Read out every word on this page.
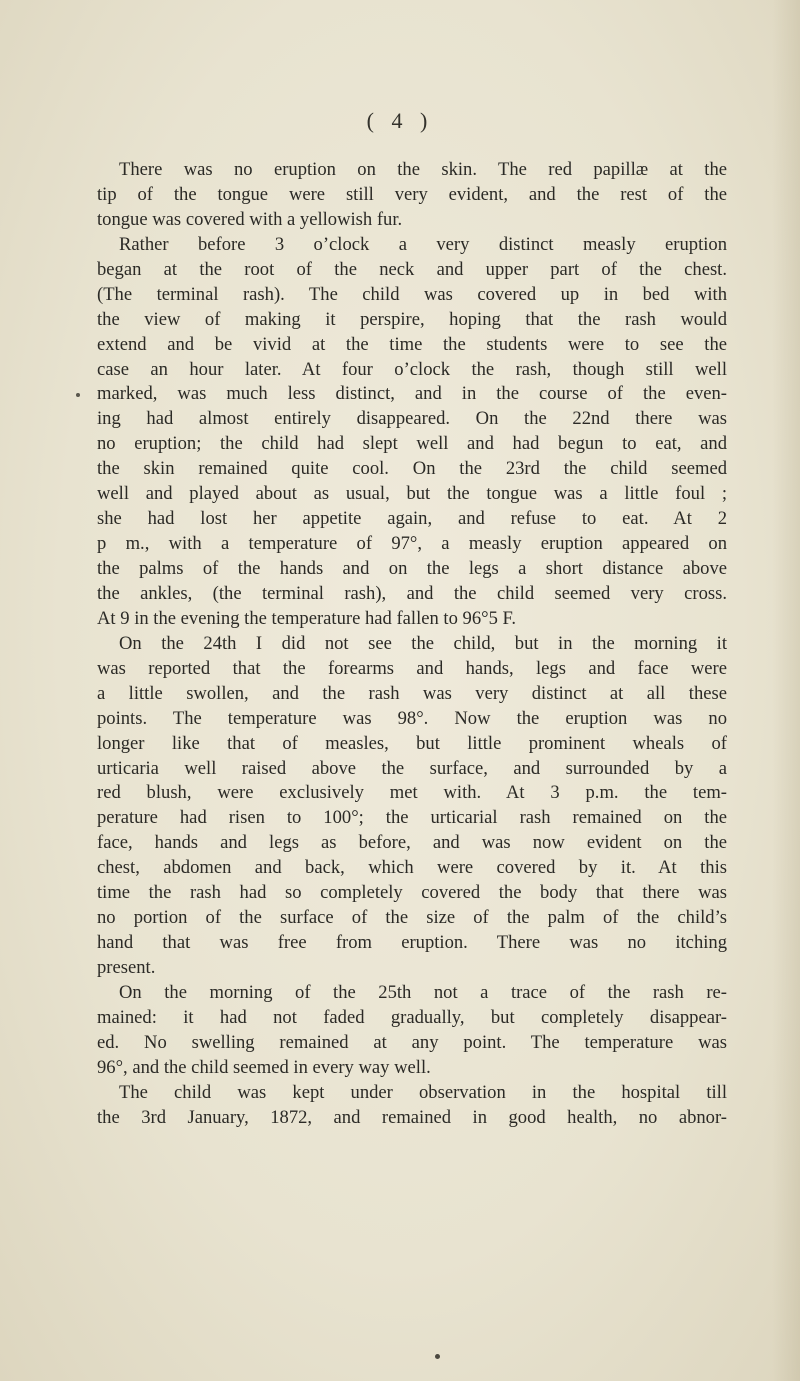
( 4 )
There was no eruption on the skin. The red papillæ at the
tip of the tongue were still very evident, and the rest of the
tongue was covered with a yellowish fur.
Rather before 3 o’clock a very distinct measly eruption
began at the root of the neck and upper part of the chest.
(The terminal rash). The child was covered up in bed with
the view of making it perspire, hoping that the rash would
extend and be vivid at the time the students were to see the
case an hour later. At four o’clock the rash, though still well
marked, was much less distinct, and in the course of the even-
ing had almost entirely disappeared. On the 22nd there was
no eruption; the child had slept well and had begun to eat, and
the skin remained quite cool. On the 23rd the child seemed
well and played about as usual, but the tongue was a little foul ;
she had lost her appetite again, and refuse to eat. At 2
p m., with a temperature of 97°, a measly eruption appeared on
the palms of the hands and on the legs a short distance above
the ankles, (the terminal rash), and the child seemed very cross.
At 9 in the evening the temperature had fallen to 96°5 F.
On the 24th I did not see the child, but in the morning it
was reported that the forearms and hands, legs and face were
a little swollen, and the rash was very distinct at all these
points. The temperature was 98°. Now the eruption was no
longer like that of measles, but little prominent wheals of
urticaria well raised above the surface, and surrounded by a
red blush, were exclusively met with. At 3 p.m. the tem-
perature had risen to 100°; the urticarial rash remained on the
face, hands and legs as before, and was now evident on the
chest, abdomen and back, which were covered by it. At this
time the rash had so completely covered the body that there was
no portion of the surface of the size of the palm of the child’s
hand that was free from eruption. There was no itching
present.
On the morning of the 25th not a trace of the rash re-
mained: it had not faded gradually, but completely disappear-
ed. No swelling remained at any point. The temperature was
96°, and the child seemed in every way well.
The child was kept under observation in the hospital till
the 3rd January, 1872, and remained in good health, no abnor-
